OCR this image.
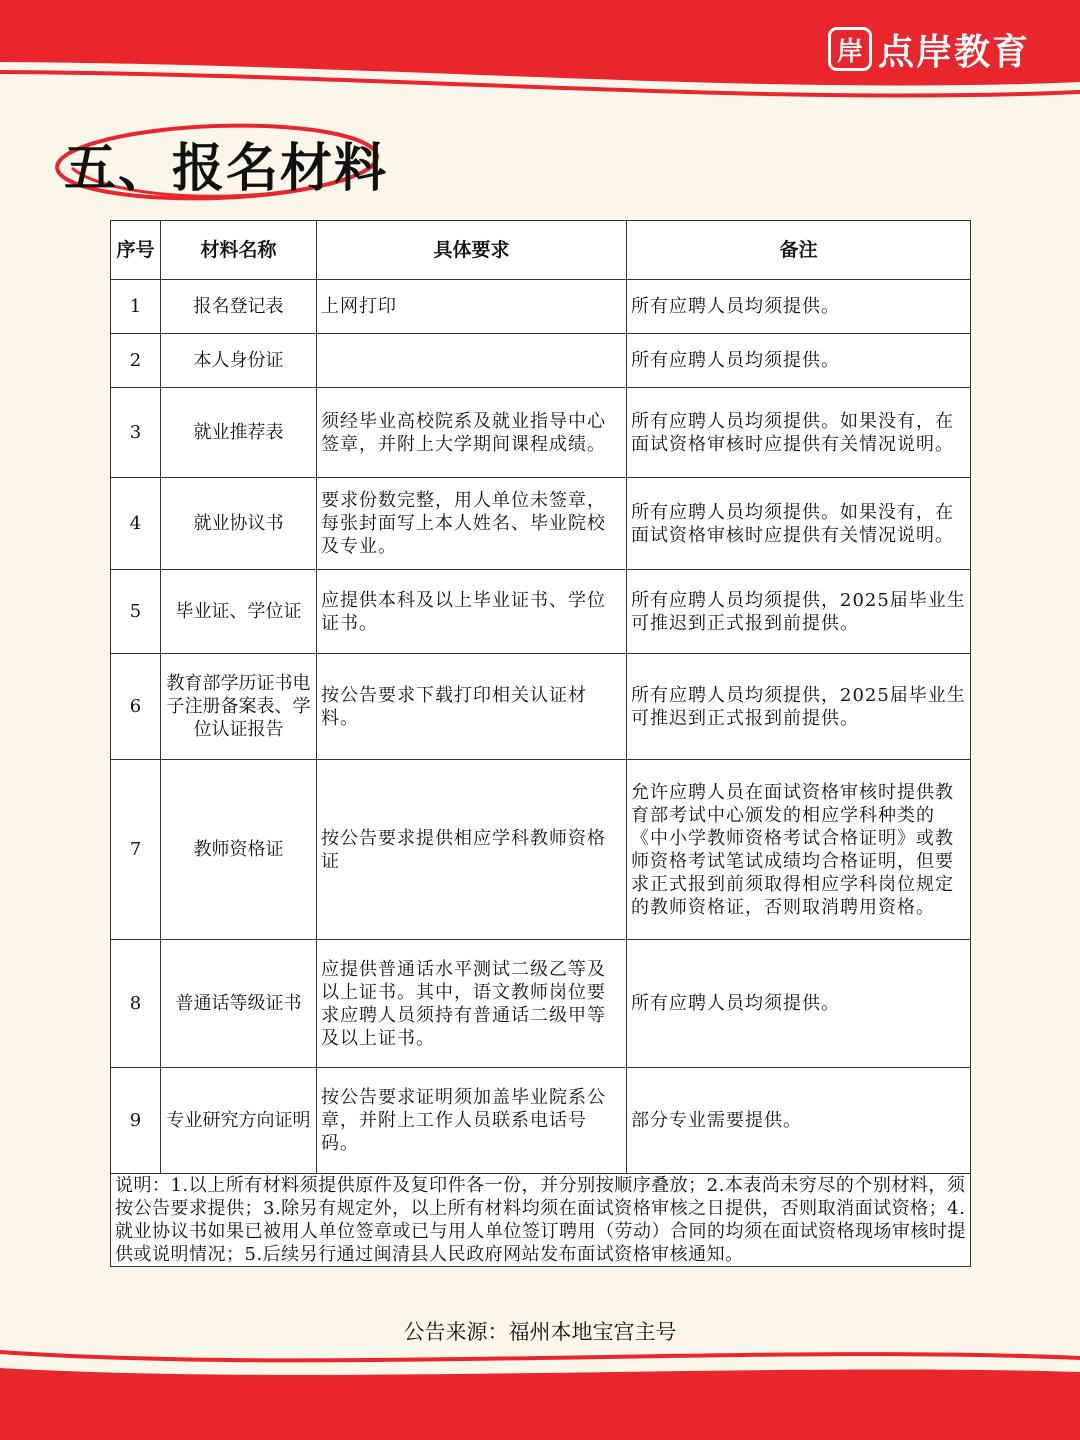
岸 点岸教育
五、报名材料
序号	材料名称	具体要求	备注
1	报名登记表	上网打印	所有应聘人员均须提供。
2	本人身份证		所有应聘人员均须提供。
3	就业推荐表	须经毕业高校院系及就业指导中心签章，并附上大学期间课程成绩。	所有应聘人员均须提供。如果没有，在面试资格审核时应提供有关情况说明。
4	就业协议书	要求份数完整，用人单位未签章，每张封面写上本人姓名、毕业院校及专业。	所有应聘人员均须提供。如果没有，在面试资格审核时应提供有关情况说明。
5	毕业证、学位证	应提供本科及以上毕业证书、学位证书。	所有应聘人员均须提供，2025届毕业生可推迟到正式报到前提供。
6	教育部学历证书电子注册备案表、学位认证报告	按公告要求下载打印相关认证材料。	所有应聘人员均须提供，2025届毕业生可推迟到正式报到前提供。
7	教师资格证	按公告要求提供相应学科教师资格证	允许应聘人员在面试资格审核时提供教育部考试中心颁发的相应学科种类的《中小学教师资格考试合格证明》或教师资格考试笔试成绩均合格证明，但要求正式报到前须取得相应学科岗位规定的教师资格证，否则取消聘用资格。
8	普通话等级证书	应提供普通话水平测试二级乙等及以上证书。其中，语文教师岗位要求应聘人员须持有普通话二级甲等及以上证书。	所有应聘人员均须提供。
9	专业研究方向证明	按公告要求证明须加盖毕业院系公章，并附上工作人员联系电话号码。	部分专业需要提供。
说明：1.以上所有材料须提供原件及复印件各一份，并分别按顺序叠放；2.本表尚未穷尽的个别材料，须按公告要求提供；3.除另有规定外，以上所有材料均须在面试资格审核之日提供，否则取消面试资格；4.就业协议书如果已被用人单位签章或已与用人单位签订聘用（劳动）合同的均须在面试资格现场审核时提供或说明情况；5.后续另行通过闽清县人民政府网站发布面试资格审核通知。			
公告来源：福州本地宝宫主号
